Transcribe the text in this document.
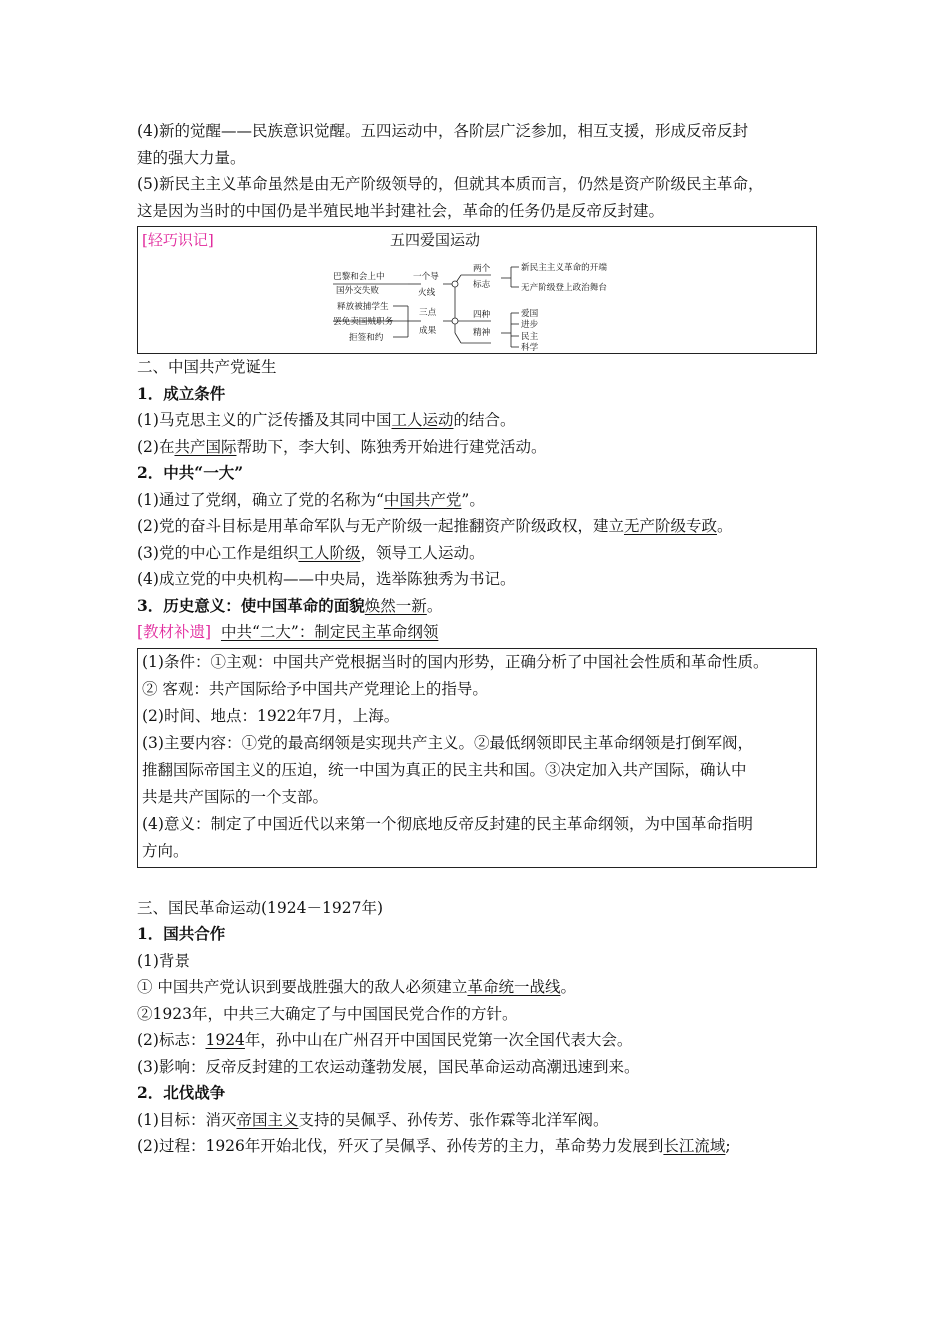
(4)新的觉醒——民族意识觉醒。五四运动中，各阶层广泛参加，相互支援，形成反帝反封
建的强大力量。
(5)新民主主义革命虽然是由无产阶级领导的，但就其本质而言，仍然是资产阶级民主革命，
这是因为当时的中国仍是半殖民地半封建社会，革命的任务仍是反帝反封建。
[轻巧识记]	五四爱国运动
巴黎和会上中
国外交失败
一个导
火线
两个
标志
新民主主义革命的开端
无产阶级登上政治舞台
释放被捕学生
罢免卖国贼职务
拒签和约
三点
成果
四种
精神
爱国
进步
民主
科学
二、中国共产党诞生
1．成立条件
(1)马克思主义的广泛传播及其同中国工人运动的结合。
(2)在共产国际帮助下，李大钊、陈独秀开始进行建党活动。
2．中共“一大”
(1)通过了党纲，确立了党的名称为“中国共产党”。
(2)党的奋斗目标是用革命军队与无产阶级一起推翻资产阶级政权，建立无产阶级专政。
(3)党的中心工作是组织工人阶级，领导工人运动。
(4)成立党的中央机构——中央局，选举陈独秀为书记。
3．历史意义：使中国革命的面貌焕然一新。
[教材补遗] 中共“二大”：制定民主革命纲领
(1)条件：①主观：中国共产党根据当时的国内形势，正确分析了中国社会性质和革命性质。
② 客观：共产国际给予中国共产党理论上的指导。
(2)时间、地点：1922年7月，上海。
(3)主要内容：①党的最高纲领是实现共产主义。②最低纲领即民主革命纲领是打倒军阀，
推翻国际帝国主义的压迫，统一中国为真正的民主共和国。③决定加入共产国际，确认中
共是共产国际的一个支部。
(4)意义：制定了中国近代以来第一个彻底地反帝反封建的民主革命纲领，为中国革命指明
方向。
三、国民革命运动(1924－1927年)
1．国共合作
(1)背景
① 中国共产党认识到要战胜强大的敌人必须建立革命统一战线。
②1923年，中共三大确定了与中国国民党合作的方针。
(2)标志：1924年，孙中山在广州召开中国国民党第一次全国代表大会。
(3)影响：反帝反封建的工农运动蓬勃发展，国民革命运动高潮迅速到来。
2．北伐战争
(1)目标：消灭帝国主义支持的吴佩孚、孙传芳、张作霖等北洋军阀。
(2)过程：1926年开始北伐，歼灭了吴佩孚、孙传芳的主力，革命势力发展到长江流域;
